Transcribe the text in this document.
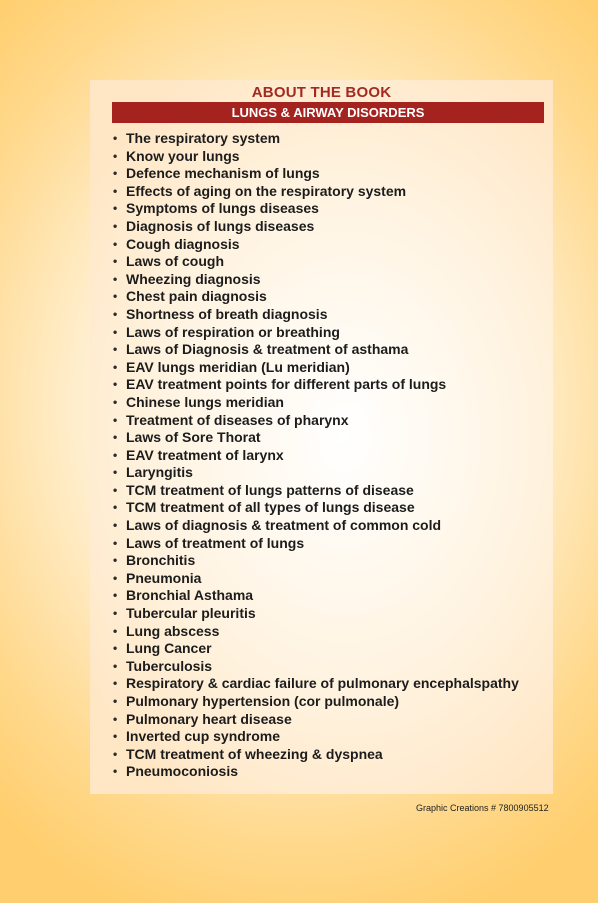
ABOUT THE BOOK
LUNGS & AIRWAY DISORDERS
• The respiratory system
• Know your lungs
• Defence mechanism of lungs
• Effects of aging on the respiratory system
• Symptoms of lungs diseases
• Diagnosis of lungs diseases
• Cough diagnosis
• Laws of cough
• Wheezing diagnosis
• Chest pain diagnosis
• Shortness of breath diagnosis
• Laws of respiration or breathing
• Laws of Diagnosis & treatment of asthama
• EAV lungs meridian (Lu meridian)
• EAV treatment points for different parts of lungs
• Chinese lungs meridian
• Treatment of diseases of pharynx
• Laws of Sore Thorat
• EAV treatment of larynx
• Laryngitis
• TCM treatment of lungs patterns of disease
• TCM treatment of all types of lungs disease
• Laws of diagnosis & treatment of common cold
• Laws of treatment of lungs
• Bronchitis
• Pneumonia
• Bronchial Asthama
• Tubercular pleuritis
• Lung abscess
• Lung Cancer
• Tuberculosis
• Respiratory & cardiac failure of pulmonary encephalspathy
• Pulmonary hypertension (cor pulmonale)
• Pulmonary heart disease
• Inverted cup syndrome
• TCM treatment of wheezing & dyspnea
• Pneumoconiosis
Graphic Creations # 7800905512
